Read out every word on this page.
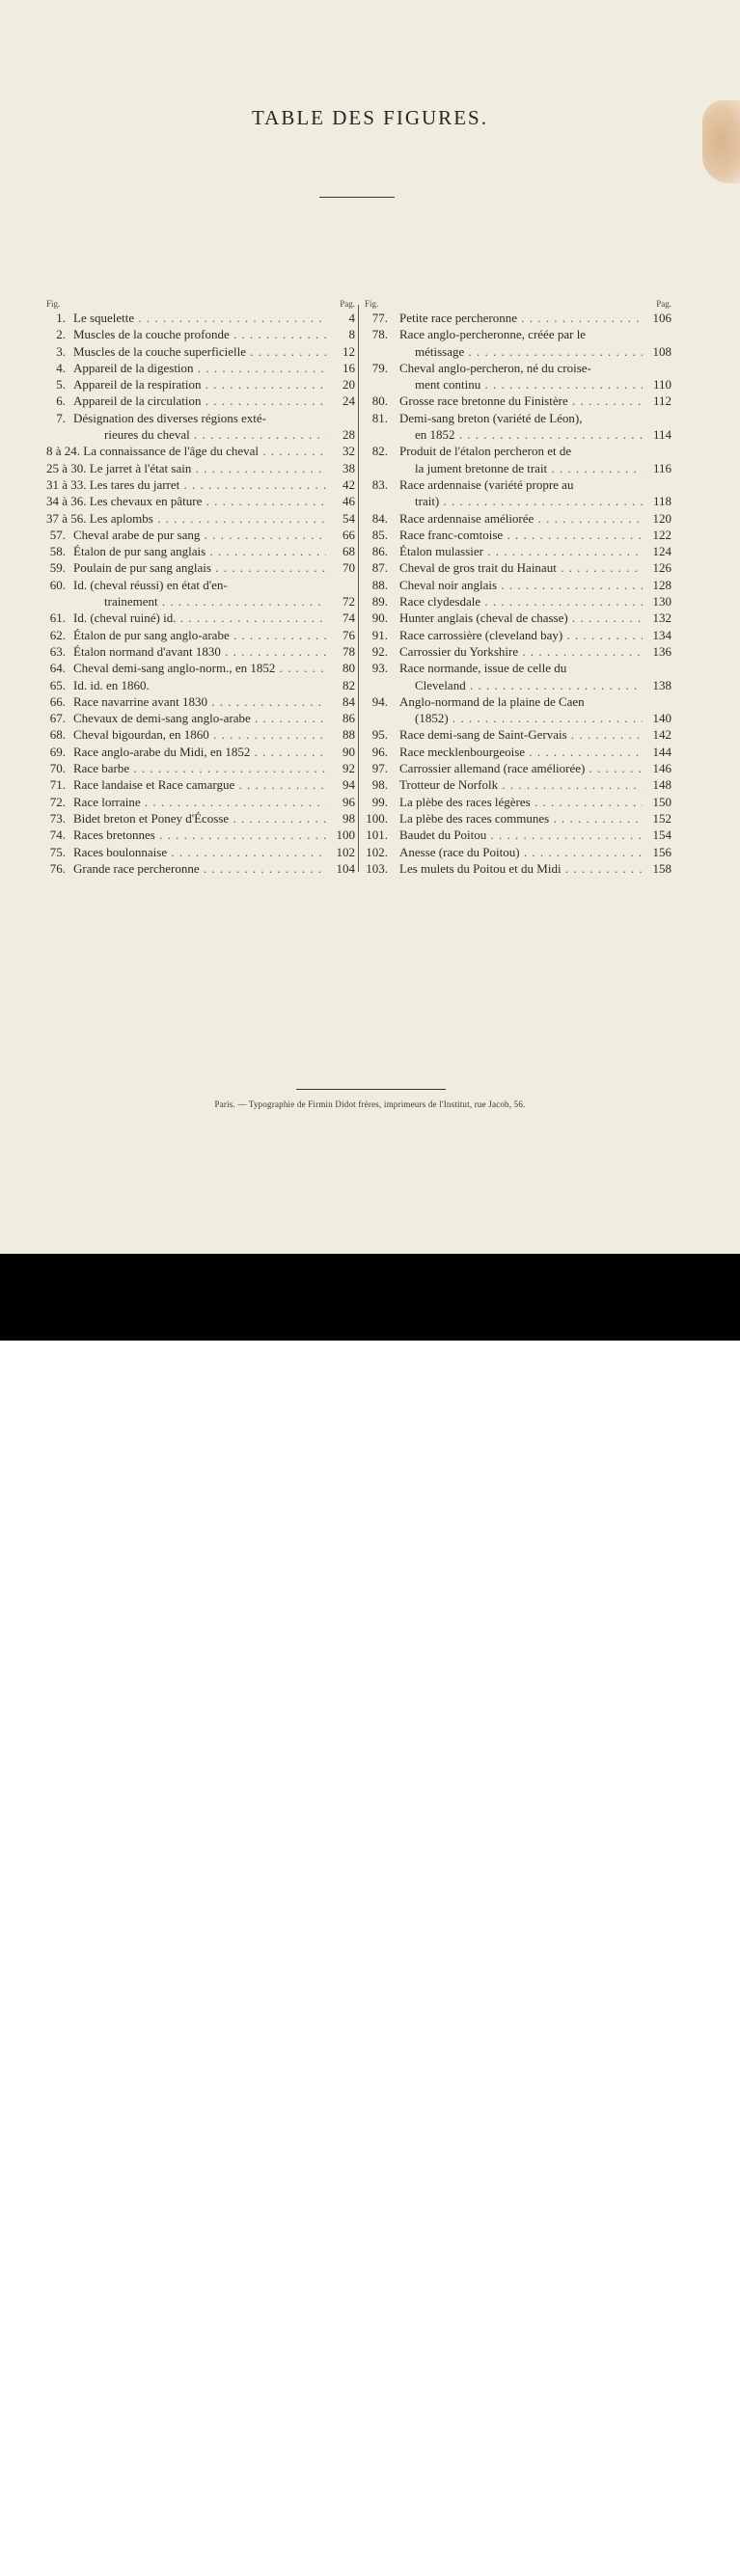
TABLE DES FIGURES.
Fig.	Pag.
1. Le squelette . . .	4
2. Muscles de la couche profonde . . .	8
3. Muscles de la couche superficielle . . .	12
4. Appareil de la digestion . . .	16
5. Appareil de la respiration . . .	20
6. Appareil de la circulation . . .	24
7. Désignation des diverses régions exté-
rieures du cheval . . .	28
8 à 24. La connaissance de l'âge du cheval . . .	32
25 à 30. Le jarret à l'état sain . . .	38
31 à 33. Les tares du jarret . . .	42
34 à 36. Les chevaux en pâture . . .	46
37 à 56. Les aplombs . . .	54
57. Cheval arabe de pur sang . . .	66
58. Étalon de pur sang anglais . . .	68
59. Poulain de pur sang anglais . . .	70
60. Id. (cheval réussi) en état d'en-
trainement . . .	72
61. Id. (cheval ruiné) id. . . .	74
62. Étalon de pur sang anglo-arabe . . .	76
63. Étalon normand d'avant 1830 . . .	78
64. Cheval demi-sang anglo-norm., en 1852 . . .	80
65. Id. id. en 1860.	82
66. Race navarrine avant 1830 . . .	84
67. Chevaux de demi-sang anglo-arabe . . .	86
68. Cheval bigourdan, en 1860 . . .	88
69. Race anglo-arabe du Midi, en 1852 . . .	90
70. Race barbe . . .	92
71. Race landaise et Race camargue . . .	94
72. Race lorraine . . .	96
73. Bidet breton et Poney d'Écosse . . .	98
74. Races bretonnes . . .	100
75. Races boulonnaise . . .	102
76. Grande race percheronne . . .	104
Fig.	Pag.
77. Petite race percheronne . . .	106
78. Race anglo-percheronne, créée par le
métissage . . .	108
79. Cheval anglo-percheron, né du croise-
ment continu . . .	110
80. Grosse race bretonne du Finistère . . .	112
81. Demi-sang breton (variété de Léon),
en 1852 . . .	114
82. Produit de l'étalon percheron et de
la jument bretonne de trait . . .	116
83. Race ardennaise (variété propre au
trait) . . .	118
84. Race ardennaise améliorée . . .	120
85. Race franc-comtoise . . .	122
86. Étalon mulassier . . .	124
87. Cheval de gros trait du Hainaut . . .	126
88. Cheval noir anglais . . .	128
89. Race clydesdale . . .	130
90. Hunter anglais (cheval de chasse) . . .	132
91. Race carrossière (cleveland bay) . . .	134
92. Carrossier du Yorkshire . . .	136
93. Race normande, issue de celle du
Cleveland . . .	138
94. Anglo-normand de la plaine de Caen
(1852) . . .	140
95. Race demi-sang de Saint-Gervais . . .	142
96. Race mecklenbourgeoise . . .	144
97. Carrossier allemand (race améliorée) . . .	146
98. Trotteur de Norfolk . . .	148
99. La plèbe des races légères . . .	150
100. La plèbe des races communes . . .	152
101. Baudet du Poitou . . .	154
102. Anesse (race du Poitou) . . .	156
103. Les mulets du Poitou et du Midi . . .	158
Paris. — Typographie de Firmin Didot frères, imprimeurs de l'Institut, rue Jacob, 56.
alamy	2DHF54X
www.alamy.com
